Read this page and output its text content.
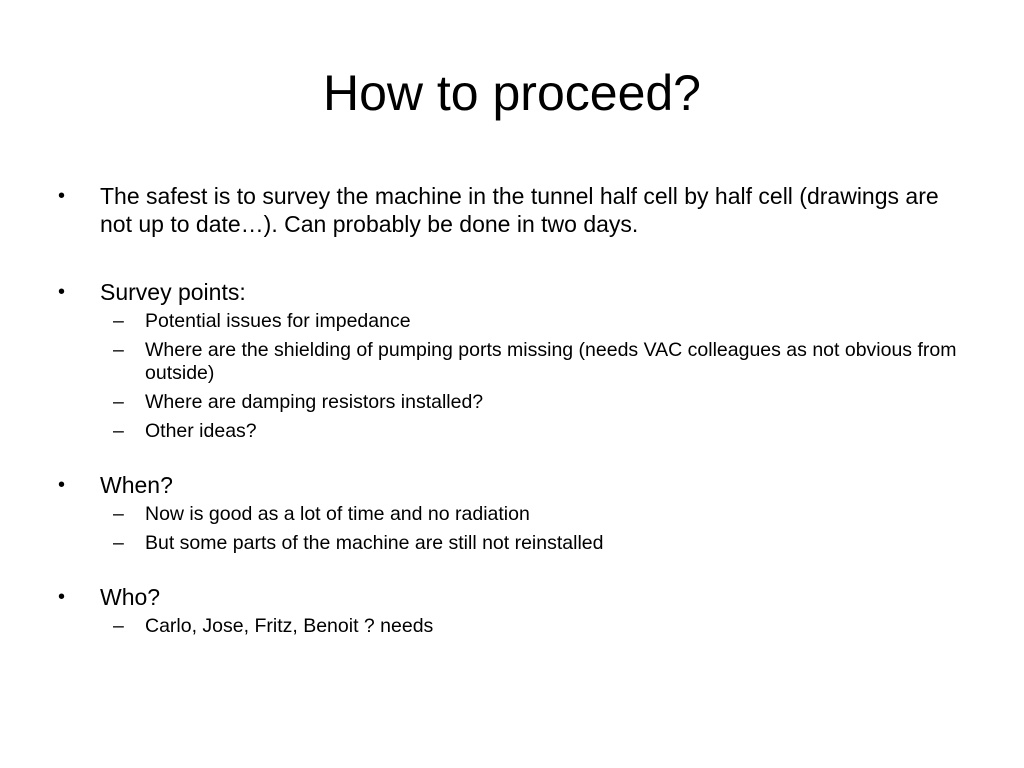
How to proceed?
•	The safest is to survey the machine in the tunnel half cell by half cell (drawings are not up to date…). Can probably be done in two days.
•	Survey points:
– Potential issues for impedance
– Where are the shielding of pumping ports missing (needs VAC colleagues as not obvious from outside)
– Where are damping resistors installed?
– Other ideas?
•	When?
– Now is good as a lot of time and no radiation
– But some parts of the machine are still not reinstalled
•	Who?
– Carlo, Jose, Fritz, Benoit ? needs
